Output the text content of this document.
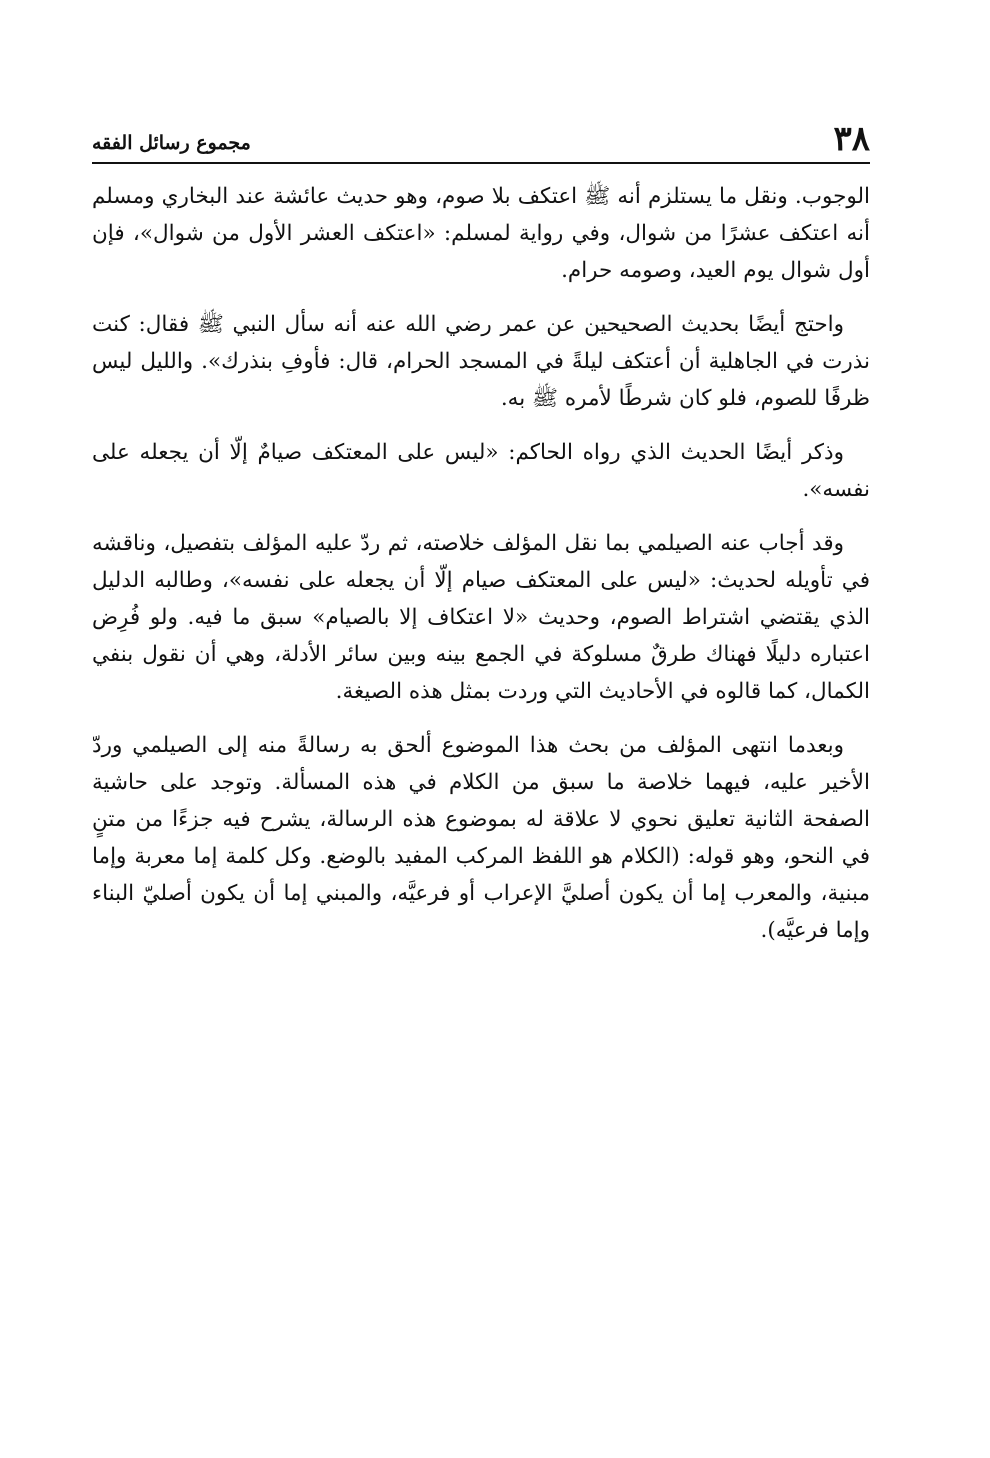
٣٨
مجموع رسائل الفقه

الوجوب. ونقل ما يستلزم أنه ﷺ اعتكف بلا صوم، وهو حديث عائشة عند البخاري ومسلم أنه اعتكف عشرًا من شوال، وفي رواية لمسلم: «اعتكف العشر الأول من شوال»، فإن أول شوال يوم العيد، وصومه حرام.

واحتج أيضًا بحديث الصحيحين عن عمر رضي الله عنه أنه سأل النبي ﷺ فقال: كنت نذرت في الجاهلية أن أعتكف ليلةً في المسجد الحرام، قال: فأوفِ بنذرك». والليل ليس ظرفًا للصوم، فلو كان شرطًا لأمره ﷺ به.

وذكر أيضًا الحديث الذي رواه الحاكم: «ليس على المعتكف صيامٌ إلّا أن يجعله على نفسه».

وقد أجاب عنه الصيلمي بما نقل المؤلف خلاصته، ثم ردّ عليه المؤلف بتفصيل، وناقشه في تأويله لحديث: «ليس على المعتكف صيام إلّا أن يجعله على نفسه»، وطالبه الدليل الذي يقتضي اشتراط الصوم، وحديث «لا اعتكاف إلا بالصيام» سبق ما فيه. ولو فُرِض اعتباره دليلًا فهناك طرقٌ مسلوكة في الجمع بينه وبين سائر الأدلة، وهي أن نقول بنفي الكمال، كما قالوه في الأحاديث التي وردت بمثل هذه الصيغة.

وبعدما انتهى المؤلف من بحث هذا الموضوع ألحق به رسالةً منه إلى الصيلمي وردّ الأخير عليه، فيهما خلاصة ما سبق من الكلام في هذه المسألة. وتوجد على حاشية الصفحة الثانية تعليق نحوي لا علاقة له بموضوع هذه الرسالة، يشرح فيه جزءًا من متنٍ في النحو، وهو قوله: (الكلام هو اللفظ المركب المفيد بالوضع. وكل كلمة إما معربة وإما مبنية، والمعرب إما أن يكون أصليَّ الإعراب أو فرعيَّه، والمبني إما أن يكون أصليّ البناء وإما فرعيَّه).
